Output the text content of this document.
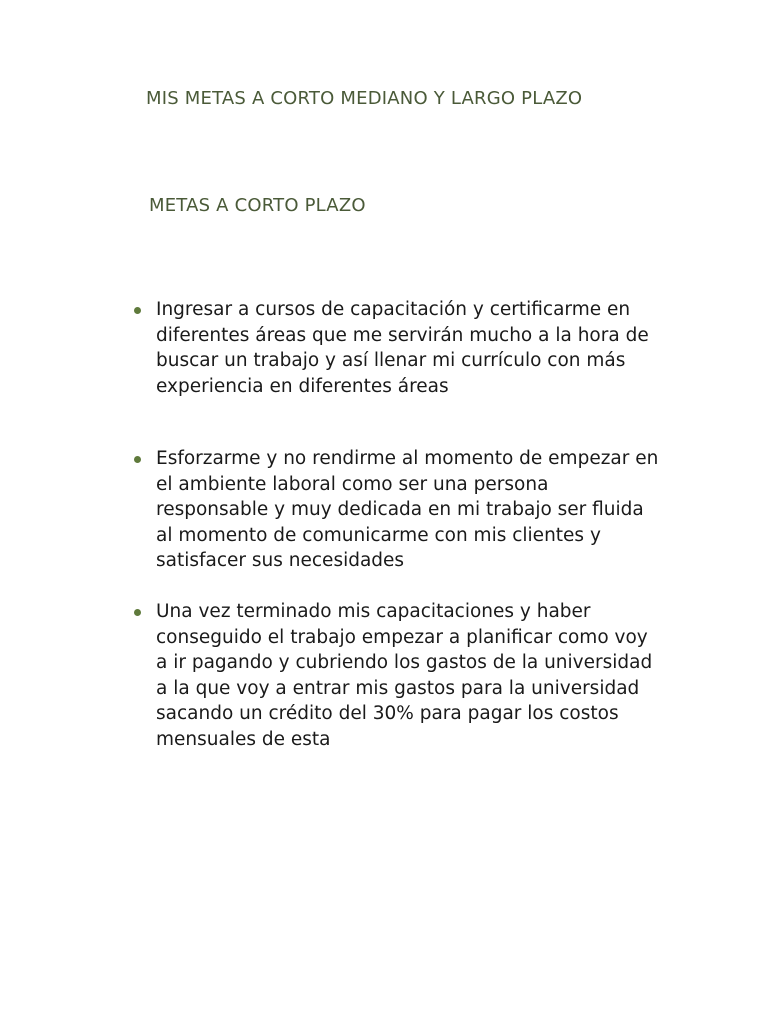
MIS METAS A CORTO MEDIANO Y LARGO PLAZO
METAS A CORTO PLAZO

Ingresar a cursos de capacitación y certificarme en diferentes áreas que me servirán mucho a la hora de buscar un trabajo y así llenar mi currículo con más experiencia en diferentes áreas

Esforzarme y no rendirme al momento de empezar en el ambiente laboral como ser una persona responsable y muy dedicada en mi trabajo ser fluida al momento de comunicarme con mis clientes y satisfacer sus necesidades

Una vez terminado mis capacitaciones y haber conseguido el trabajo empezar a planificar como voy a ir pagando y cubriendo los gastos de la universidad a la que voy a entrar mis gastos para la universidad sacando un crédito del 30% para pagar los costos mensuales de esta
